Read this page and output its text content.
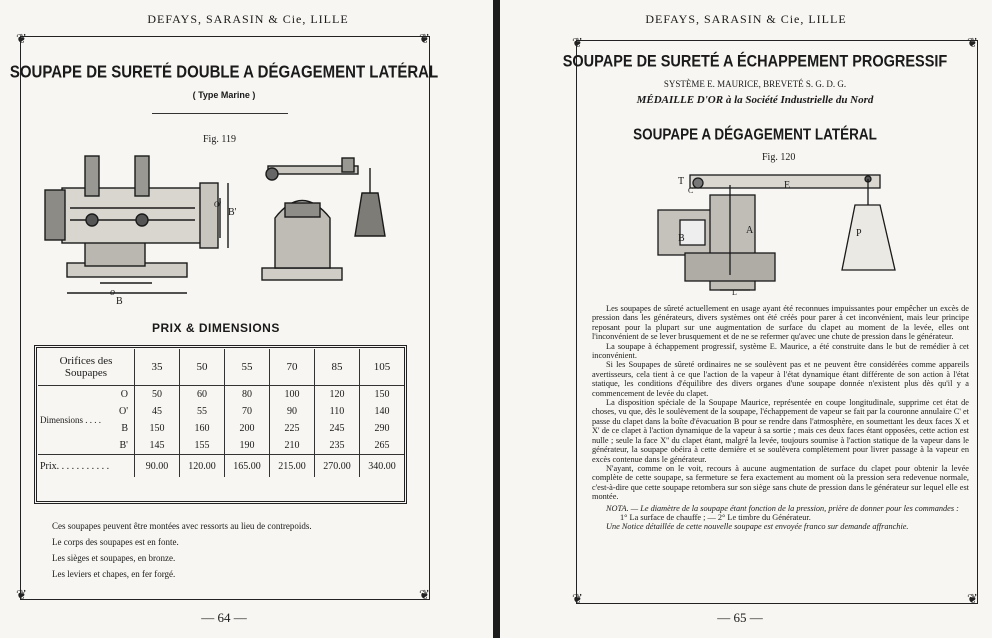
DEFAYS, SARASIN & Cie, LILLE
❦	❦
❦	❦
SOUPAPE DE SURETÉ DOUBLE A DÉGAGEMENT LATÉRAL
( Type Marine )
Fig. 119
o
B
O'
B'
PRIX & DIMENSIONS
Orifices des Soupapes		35	50	55	70	85	105
Dimensions . . . .	O	50	60	80	100	120	150
	O'	45	55	70	90	110	140
	B	150	160	200	225	245	290
	B'	145	155	190	210	235	265
Prix. . . . . . . . . . .		90.00	120.00	165.00	215.00	270.00	340.00
Ces soupapes peuvent être montées avec ressorts au lieu de contrepoids.
Le corps des soupapes est en fonte.
Les sièges et soupapes, en bronze.
Les leviers et chapes, en fer forgé.
— 64 —
DEFAYS, SARASIN & Cie, LILLE
❦	❦
❦	❦
SOUPAPE DE SURETÉ A ÉCHAPPEMENT PROGRESSIF
SYSTÈME E. MAURICE, BREVETÉ S. G. D. G.
MÉDAILLE D'OR à la Société Industrielle du Nord
SOUPAPE A DÉGAGEMENT LATÉRAL
Fig. 120
T
C	E
B
A	P
L

Les soupapes de sûreté actuellement en usage ayant été reconnues impuissantes pour empêcher un excès de pression dans les générateurs, divers systèmes ont été créés pour parer à cet inconvénient, mais leur principe reposant pour la plupart sur une augmentation de surface du clapet au moment de la levée, elles ont l'inconvénient de se lever brusquement et de ne se refermer qu'avec une chute de pression dans le générateur.

La soupape à échappement progressif, système E. Maurice, a été construite dans le but de remédier à cet inconvénient.

Si les Soupapes de sûreté ordinaires ne se soulèvent pas et ne peuvent être considérées comme appareils avertisseurs, cela tient à ce que l'action de la vapeur à l'état dynamique étant différente de son action à l'état statique, les conditions d'équilibre des divers organes d'une soupape donnée n'existent plus dès qu'il y a commencement de levée du clapet.

La disposition spéciale de la Soupape Maurice, représentée en coupe longitudinale, supprime cet état de choses, vu que, dès le soulèvement de la soupape, l'échappement de vapeur se fait par la couronne annulaire C' et passe du clapet dans la boîte d'évacuation B pour se rendre dans l'atmosphère, en soumettant les deux faces X et X' de ce clapet à l'action dynamique de la vapeur à sa sortie ; mais ces deux faces étant opposées, cette action est nulle ; seule la face X'' du clapet étant, malgré la levée, toujours soumise à l'action statique de la vapeur dans le générateur, la soupape obéira à cette dernière et se soulèvera complètement pour livrer passage à la vapeur en excès contenue dans le générateur.

N'ayant, comme on le voit, recours à aucune augmentation de surface du clapet pour obtenir la levée complète de cette soupape, sa fermeture se fera exactement au moment où la pression sera redevenue normale, c'est-à-dire que cette soupape retombera sur son siège sans chute de pression dans le générateur sur lequel elle est montée.

NOTA. — Le diamètre de la soupape étant fonction de la pression, prière de donner pour les commandes :

1° La surface de chauffe ; — 2° Le timbre du Générateur.

Une Notice détaillée de cette nouvelle soupape est envoyée franco sur demande affranchie.

— 65 —
